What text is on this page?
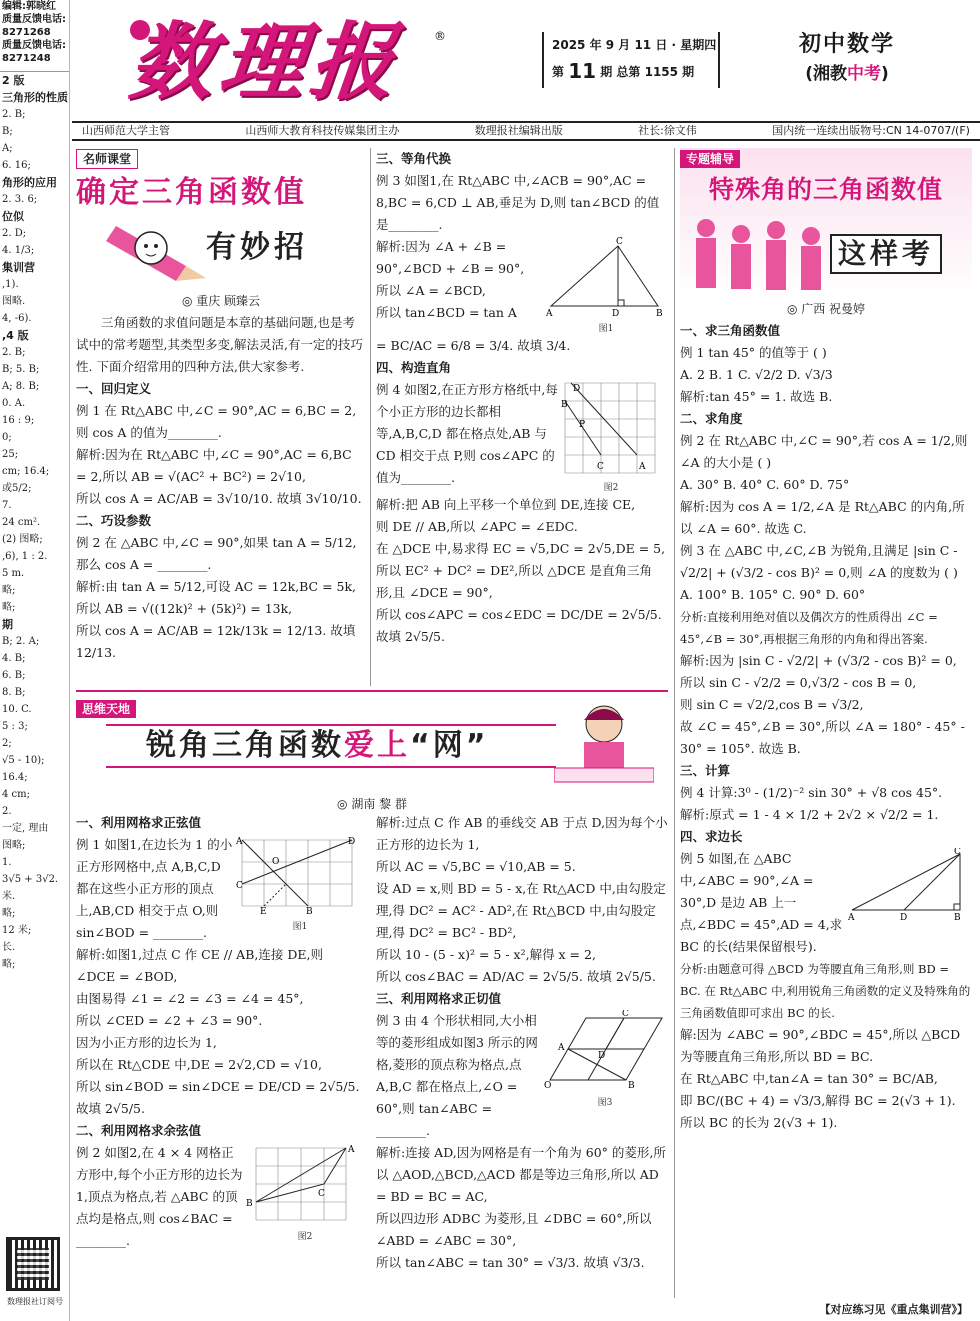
编辑:郭晓红
质量反馈电话:
8271268
质量反馈电话:
8271248
2 版
三角形的性质
2. B;
B;
A;
6. 16;
角形的应用
2. 3. 6;
位似
2. D;
4. 1/3;
集训营
,1).
图略.
4, -6).
,4 版
2. B;
B; 5. B;
A; 8. B;
0. A.
16 : 9;
0;
25;
cm; 16.4;
或5/2;
7.
24 cm².
(2) 图略;
,6), 1 : 2.
5 m.
略;
略;
期
B; 2. A;
4. B;
6. B;
8. B;
10. C.
5 : 3;
2;
√5 - 10);
16.4;
4 cm;
2.
一定, 理由
图略;
1.
3√5 + 3√2.
米.
略;
12 米;
长.
略;
数理报社订阅号
数理报 ®
2025 年 9 月 11 日 · 星期四
第 11 期 总第 1155 期
初中数学
(湘教中考)
山西师范大学主管	山西师大教育科技传媒集团主办	数理报社编辑出版	社长:徐文伟	国内统一连续出版物号:CN 14-0707/(F)
名师课堂
确定三角函数值
有妙招
◎ 重庆 顾臻云

三角函数的求值问题是本章的基础问题,也是考试中的常考题型,其类型多变,解法灵活,有一定的技巧性. 下面介绍常用的四种方法,供大家参考.

一、回归定义

例 1 在 Rt△ABC 中,∠C = 90°,AC = 6,BC = 2,则 cos A 的值为________.

解析:因为在 Rt△ABC 中,∠C = 90°,AC = 6,BC = 2,所以 AB = √(AC² + BC²) = 2√10,

所以 cos A = AC/AB = 3√10/10. 故填 3√10/10.

二、巧设参数

例 2 在 △ABC 中,∠C = 90°,如果 tan A = 5/12,那么 cos A = ________.

解析:由 tan A = 5/12,可设 AC = 12k,BC = 5k,

所以 AB = √((12k)² + (5k)²) = 13k,

所以 cos A = AC/AB = 12k/13k = 12/13. 故填 12/13.

三、等角代换

例 3 如图1,在 Rt△ABC 中,∠ACB = 90°,AC = 8,BC = 6,CD ⊥ AB,垂足为 D,则 tan∠BCD 的值是________.

解析:因为 ∠A + ∠B = 90°,∠BCD + ∠B = 90°,

所以 ∠A = ∠BCD,

所以 tan∠BCD = tan A	A	B
C
D
图1

= BC/AC = 6/8 = 3/4. 故填 3/4.

四、构造直角

例 4 如图2,在正方形方格纸中,每个小正方形的边长都相等,A,B,C,D 都在格点处,AB 与 CD 相交于点 P,则 cos∠APC 的值为________.

D
B
P
C	A
图2

解析:把 AB 向上平移一个单位到 DE,连接 CE,

则 DE // AB,所以 ∠APC = ∠EDC.

在 △DCE 中,易求得 EC = √5,DC = 2√5,DE = 5,所以 EC² + DC² = DE²,所以 △DCE 是直角三角形,且 ∠DCE = 90°,

所以 cos∠APC = cos∠EDC = DC/DE = 2√5/5.

故填 2√5/5.

专题辅导
特殊角的三角函数值
这样考
◎ 广西 祝曼婷
一、求三角函数值

例 1 tan 45° 的值等于 ( )

A. 2 B. 1 C. √2/2 D. √3/3

解析:tan 45° = 1. 故选 B.

二、求角度

例 2 在 Rt△ABC 中,∠C = 90°,若 cos A = 1/2,则 ∠A 的大小是 ( )

A. 30° B. 40° C. 60° D. 75°

解析:因为 cos A = 1/2,∠A 是 Rt△ABC 的内角,所以 ∠A = 60°. 故选 C.

例 3 在 △ABC 中,∠C,∠B 为锐角,且满足 |sin C - √2/2| + (√3/2 - cos B)² = 0,则 ∠A 的度数为 ( )

A. 100° B. 105° C. 90° D. 60°

分析:直接利用绝对值以及偶次方的性质得出 ∠C = 45°,∠B = 30°,再根据三角形的内角和得出答案.

解析:因为 |sin C - √2/2| + (√3/2 - cos B)² = 0,

所以 sin C - √2/2 = 0,√3/2 - cos B = 0,

则 sin C = √2/2,cos B = √3/2,

故 ∠C = 45°,∠B = 30°,所以 ∠A = 180° - 45° - 30° = 105°. 故选 B.

三、计算

例 4 计算:3⁰ - (1/2)⁻² sin 30° + √8 cos 45°.

解析:原式 = 1 - 4 × 1/2 + 2√2 × √2/2 = 1.

四、求边长

例 5 如图,在 △ABC 中,∠ABC = 90°,∠A = 30°,D 是边 AB 上一点,∠BDC = 45°,AD = 4,求 BC 的长(结果保留根号).

A	D	B
C

分析:由题意可得 △BCD 为等腰直角三角形,则 BD = BC. 在 Rt△ABC 中,利用锐角三角函数的定义及特殊角的三角函数值即可求出 BC 的长.

解:因为 ∠ABC = 90°,∠BDC = 45°,所以 △BCD 为等腰直角三角形,所以 BD = BC.

在 Rt△ABC 中,tan∠A = tan 30° = BC/AB,

即 BC/(BC + 4) = √3/3,解得 BC = 2(√3 + 1).

所以 BC 的长为 2(√3 + 1).

【对应练习见《重点集训营》】
思维天地
锐角三角函数爱上“网”
◎ 湖南 黎 群
一、利用网格求正弦值

例 1 如图1,在边长为 1 的小正方形网格中,点 A,B,C,D 都在这些小正方形的顶点上,AB,CD 相交于点 O,则 sin∠BOD = ________.

A
C
D
B
E
O
图1

解析:如图1,过点 C 作 CE // AB,连接 DE,则 ∠DCE = ∠BOD,

由图易得 ∠1 = ∠2 = ∠3 = ∠4 = 45°,

所以 ∠CED = ∠2 + ∠3 = 90°.

因为小正方形的边长为 1,

所以在 Rt△CDE 中,DE = 2√2,CD = √10,

所以 sin∠BOD = sin∠DCE = DE/CD = 2√5/5.

故填 2√5/5.

二、利用网格求余弦值

例 2 如图2,在 4 × 4 网格正方形中,每个小正方形的边长为 1,顶点为格点,若 △ABC 的顶点均是格点,则 cos∠BAC = ________.

B
A
C
图2

解析:过点 C 作 AB 的垂线交 AB 于点 D,因为每个小正方形的边长为 1,

所以 AC = √5,BC = √10,AB = 5.

设 AD = x,则 BD = 5 - x,在 Rt△ACD 中,由勾股定理,得 DC² = AC² - AD²,在 Rt△BCD 中,由勾股定理,得 DC² = BC² - BD²,

所以 10 - (5 - x)² = 5 - x²,解得 x = 2,

所以 cos∠BAC = AD/AC = 2√5/5. 故填 2√5/5.

三、利用网格求正切值

例 3 由 4 个形状相同,大小相等的菱形组成如图3 所示的网格,菱形的顶点称为格点,点 A,B,C 都在格点上,∠O = 60°,则 tan∠ABC = ________.

O
A
B
C
D
图3

解析:连接 AD,因为网格是有一个角为 60° 的菱形,所以 △AOD,△BCD,△ACD 都是等边三角形,所以 AD = BD = BC = AC,

所以四边形 ADBC 为菱形,且 ∠DBC = 60°,所以 ∠ABD = ∠ABC = 30°,

所以 tan∠ABC = tan 30° = √3/3. 故填 √3/3.
